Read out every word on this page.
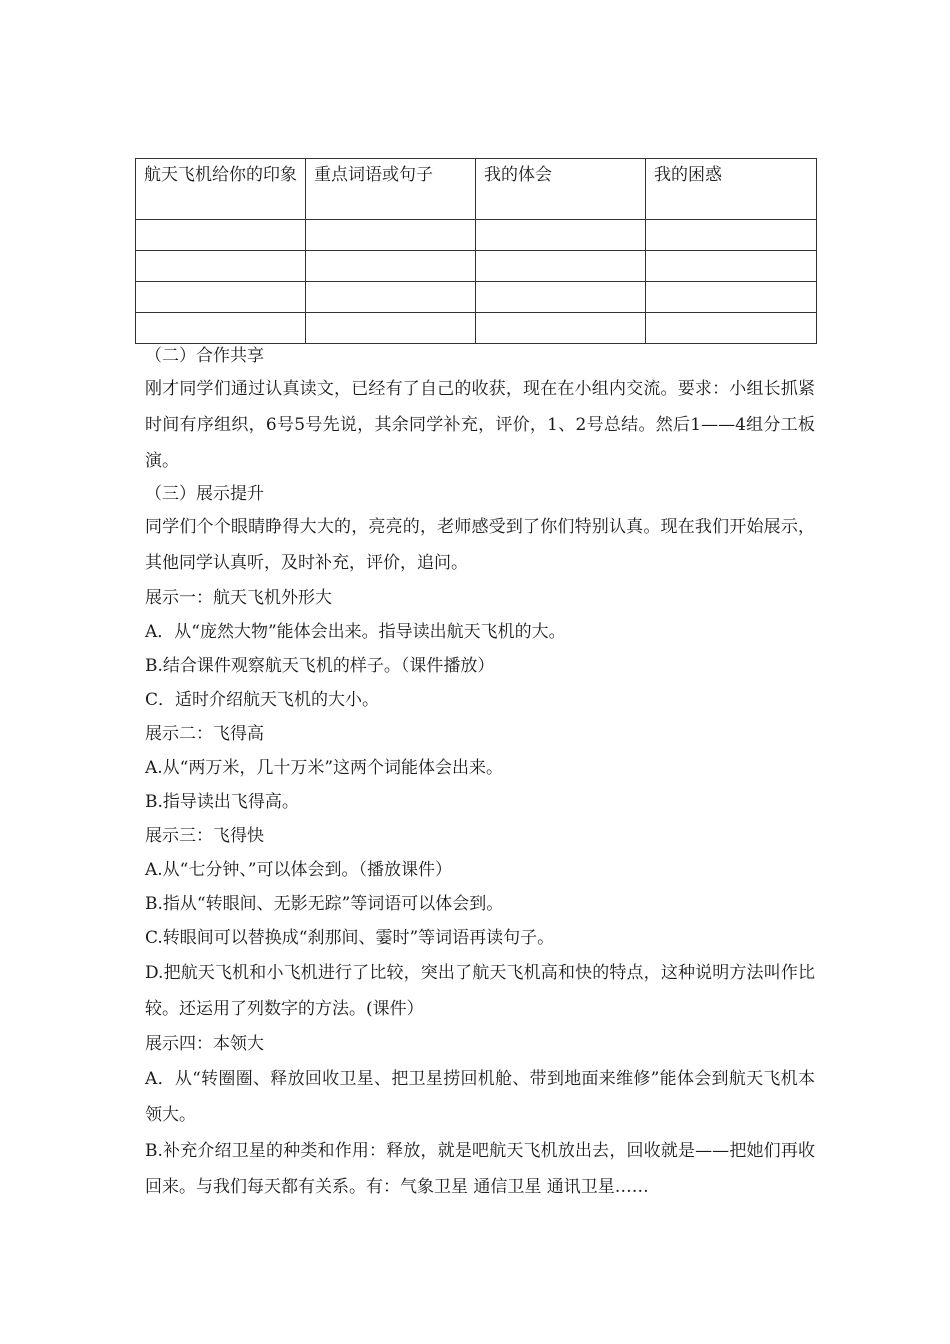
航天飞机给你的印象	重点词语或句子	我的体会	我的困惑

（二）合作共享

刚才同学们通过认真读文，已经有了自己的收获，现在在小组内交流。要求：小组长抓紧时间有序组织，6号5号先说，其余同学补充，评价，1、2号总结。然后1——4组分工板演。

（三）展示提升

同学们个个眼睛睁得大大的，亮亮的，老师感受到了你们特别认真。现在我们开始展示，其他同学认真听，及时补充，评价，追问。

展示一：航天飞机外形大

A．从“庞然大物”能体会出来。指导读出航天飞机的大。

B.结合课件观察航天飞机的样子。（课件播放）

C．适时介绍航天飞机的大小。

展示二：飞得高

A.从“两万米，几十万米”这两个词能体会出来。

B.指导读出飞得高。

展示三：飞得快

A.从“七分钟、”可以体会到。（播放课件）

B.指从“转眼间、无影无踪”等词语可以体会到。

C.转眼间可以替换成“刹那间、霎时”等词语再读句子。

D.把航天飞机和小飞机进行了比较，突出了航天飞机高和快的特点，这种说明方法叫作比较。还运用了列数字的方法。(课件）

展示四：本领大

A．从“转圈圈、释放回收卫星、把卫星捞回机舱、带到地面来维修”能体会到航天飞机本领大。

B.补充介绍卫星的种类和作用：释放，就是吧航天飞机放出去，回收就是——把她们再收回来。与我们每天都有关系。有：气象卫星 通信卫星 通讯卫星……
